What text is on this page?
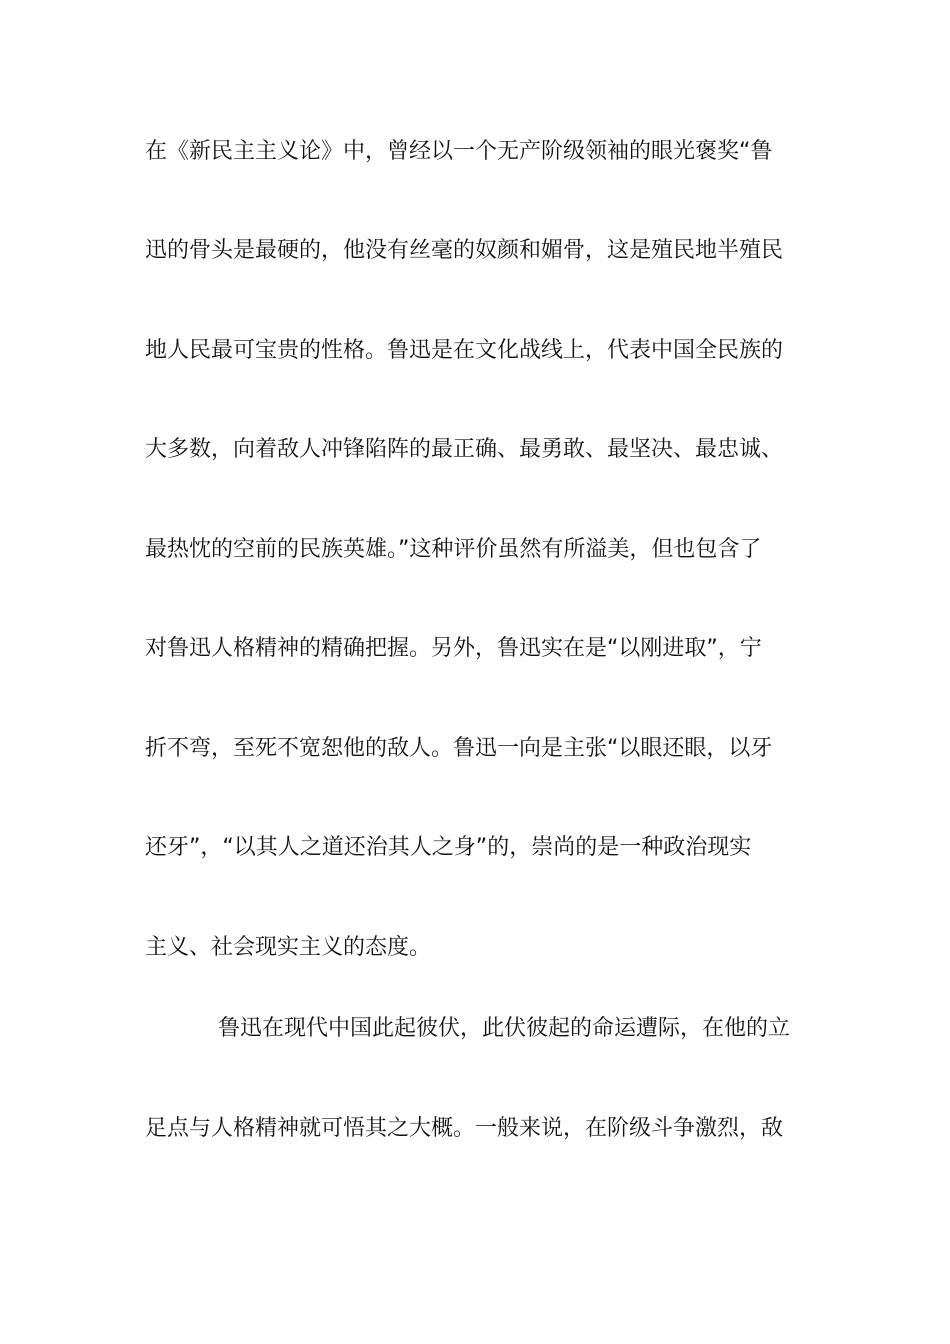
在《新民主主义论》中，曾经以一个无产阶级领袖的眼光褒奖“鲁
迅的骨头是最硬的，他没有丝毫的奴颜和媚骨，这是殖民地半殖民
地人民最可宝贵的性格。鲁迅是在文化战线上，代表中国全民族的
大多数，向着敌人冲锋陷阵的最正确、最勇敢、最坚决、最忠诚、
最热忱的空前的民族英雄。”这种评价虽然有所溢美，但也包含了
对鲁迅人格精神的精确把握。另外，鲁迅实在是“以刚进取”，宁
折不弯，至死不宽恕他的敌人。鲁迅一向是主张“以眼还眼，以牙
还牙”，“以其人之道还治其人之身”的，崇尚的是一种政治现实
主义、社会现实主义的态度。
鲁迅在现代中国此起彼伏，此伏彼起的命运遭际，在他的立
足点与人格精神就可悟其之大概。一般来说，在阶级斗争激烈，敌
